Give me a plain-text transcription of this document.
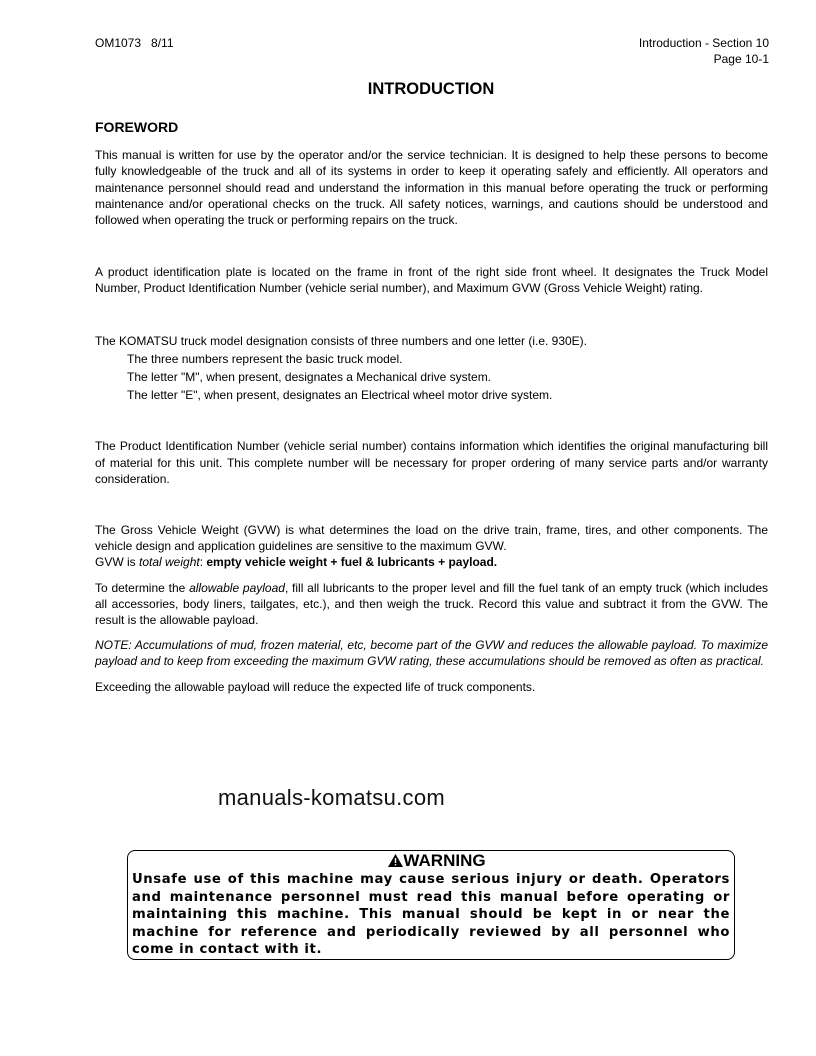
OM1073   8/11	Introduction - Section 10
Page 10-1
INTRODUCTION
FOREWORD

This manual is written for use by the operator and/or the service technician. It is designed to help these persons to become fully knowledgeable of the truck and all of its systems in order to keep it operating safely and efficiently. All operators and maintenance personnel should read and understand the information in this manual before operating the truck or performing maintenance and/or operational checks on the truck. All safety notices, warnings, and cautions should be understood and followed when operating the truck or performing repairs on the truck.

A product identification plate is located on the frame in front of the right side front wheel. It designates the Truck Model Number, Product Identification Number (vehicle serial number), and Maximum GVW (Gross Vehicle Weight) rating.

The KOMATSU truck model designation consists of three numbers and one letter (i.e. 930E).

The three numbers represent the basic truck model.
The letter "M", when present, designates a Mechanical drive system.
The letter "E", when present, designates an Electrical wheel motor drive system.

The Product Identification Number (vehicle serial number) contains information which identifies the original manufacturing bill of material for this unit. This complete number will be necessary for proper ordering of many service parts and/or warranty consideration.

The Gross Vehicle Weight (GVW) is what determines the load on the drive train, frame, tires, and other components. The vehicle design and application guidelines are sensitive to the maximum GVW.

GVW is total weight: empty vehicle weight + fuel & lubricants + payload.

To determine the allowable payload, fill all lubricants to the proper level and fill the fuel tank of an empty truck (which includes all accessories, body liners, tailgates, etc.), and then weigh the truck. Record this value and subtract it from the GVW. The result is the allowable payload.

NOTE: Accumulations of mud, frozen material, etc, become part of the GVW and reduces the allowable payload. To maximize payload and to keep from exceeding the maximum GVW rating, these accumulations should be removed as often as practical.

Exceeding the allowable payload will reduce the expected life of truck components.

manuals-komatsu.com
WARNING
Unsafe use of this machine may cause serious injury or death. Operators and maintenance personnel must read this manual before operating or maintaining this machine. This manual should be kept in or near the machine for reference and periodically reviewed by all personnel who come in contact with it.
